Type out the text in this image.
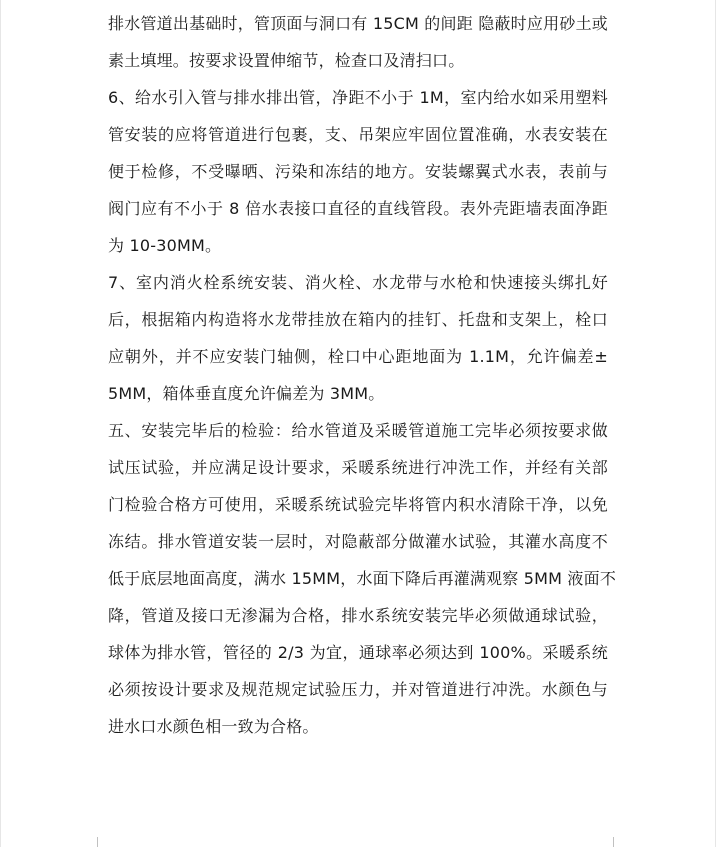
排水管道出基础时，管顶面与洞口有 15CM 的间距 隐蔽时应用砂土或
素土填埋。按要求设置伸缩节，检查口及清扫口。
6、给水引入管与排水排出管，净距不小于 1M，室内给水如采用塑料
管安装的应将管道进行包裹，支、吊架应牢固位置准确，水表安装在
便于检修，不受曝晒、污染和冻结的地方。安装螺翼式水表，表前与
阀门应有不小于 8 倍水表接口直径的直线管段。表外壳距墙表面净距
为 10-30MM。
7、室内消火栓系统安装、消火栓、水龙带与水枪和快速接头绑扎好
后，根据箱内构造将水龙带挂放在箱内的挂钉、托盘和支架上，栓口
应朝外，并不应安装门轴侧，栓口中心距地面为 1.1M，允许偏差±
5MM，箱体垂直度允许偏差为 3MM。
五、安装完毕后的检验：给水管道及采暖管道施工完毕必须按要求做
试压试验，并应满足设计要求，采暖系统进行冲洗工作，并经有关部
门检验合格方可使用，采暖系统试验完毕将管内积水清除干净，以免
冻结。排水管道安装一层时，对隐蔽部分做灌水试验，其灌水高度不
低于底层地面高度，满水 15MM，水面下降后再灌满观察 5MM 液面不
降，管道及接口无渗漏为合格，排水系统安装完毕必须做通球试验，
球体为排水管，管径的 2/3 为宜，通球率必须达到 100%。采暖系统
必须按设计要求及规范规定试验压力，并对管道进行冲洗。水颜色与
进水口水颜色相一致为合格。
